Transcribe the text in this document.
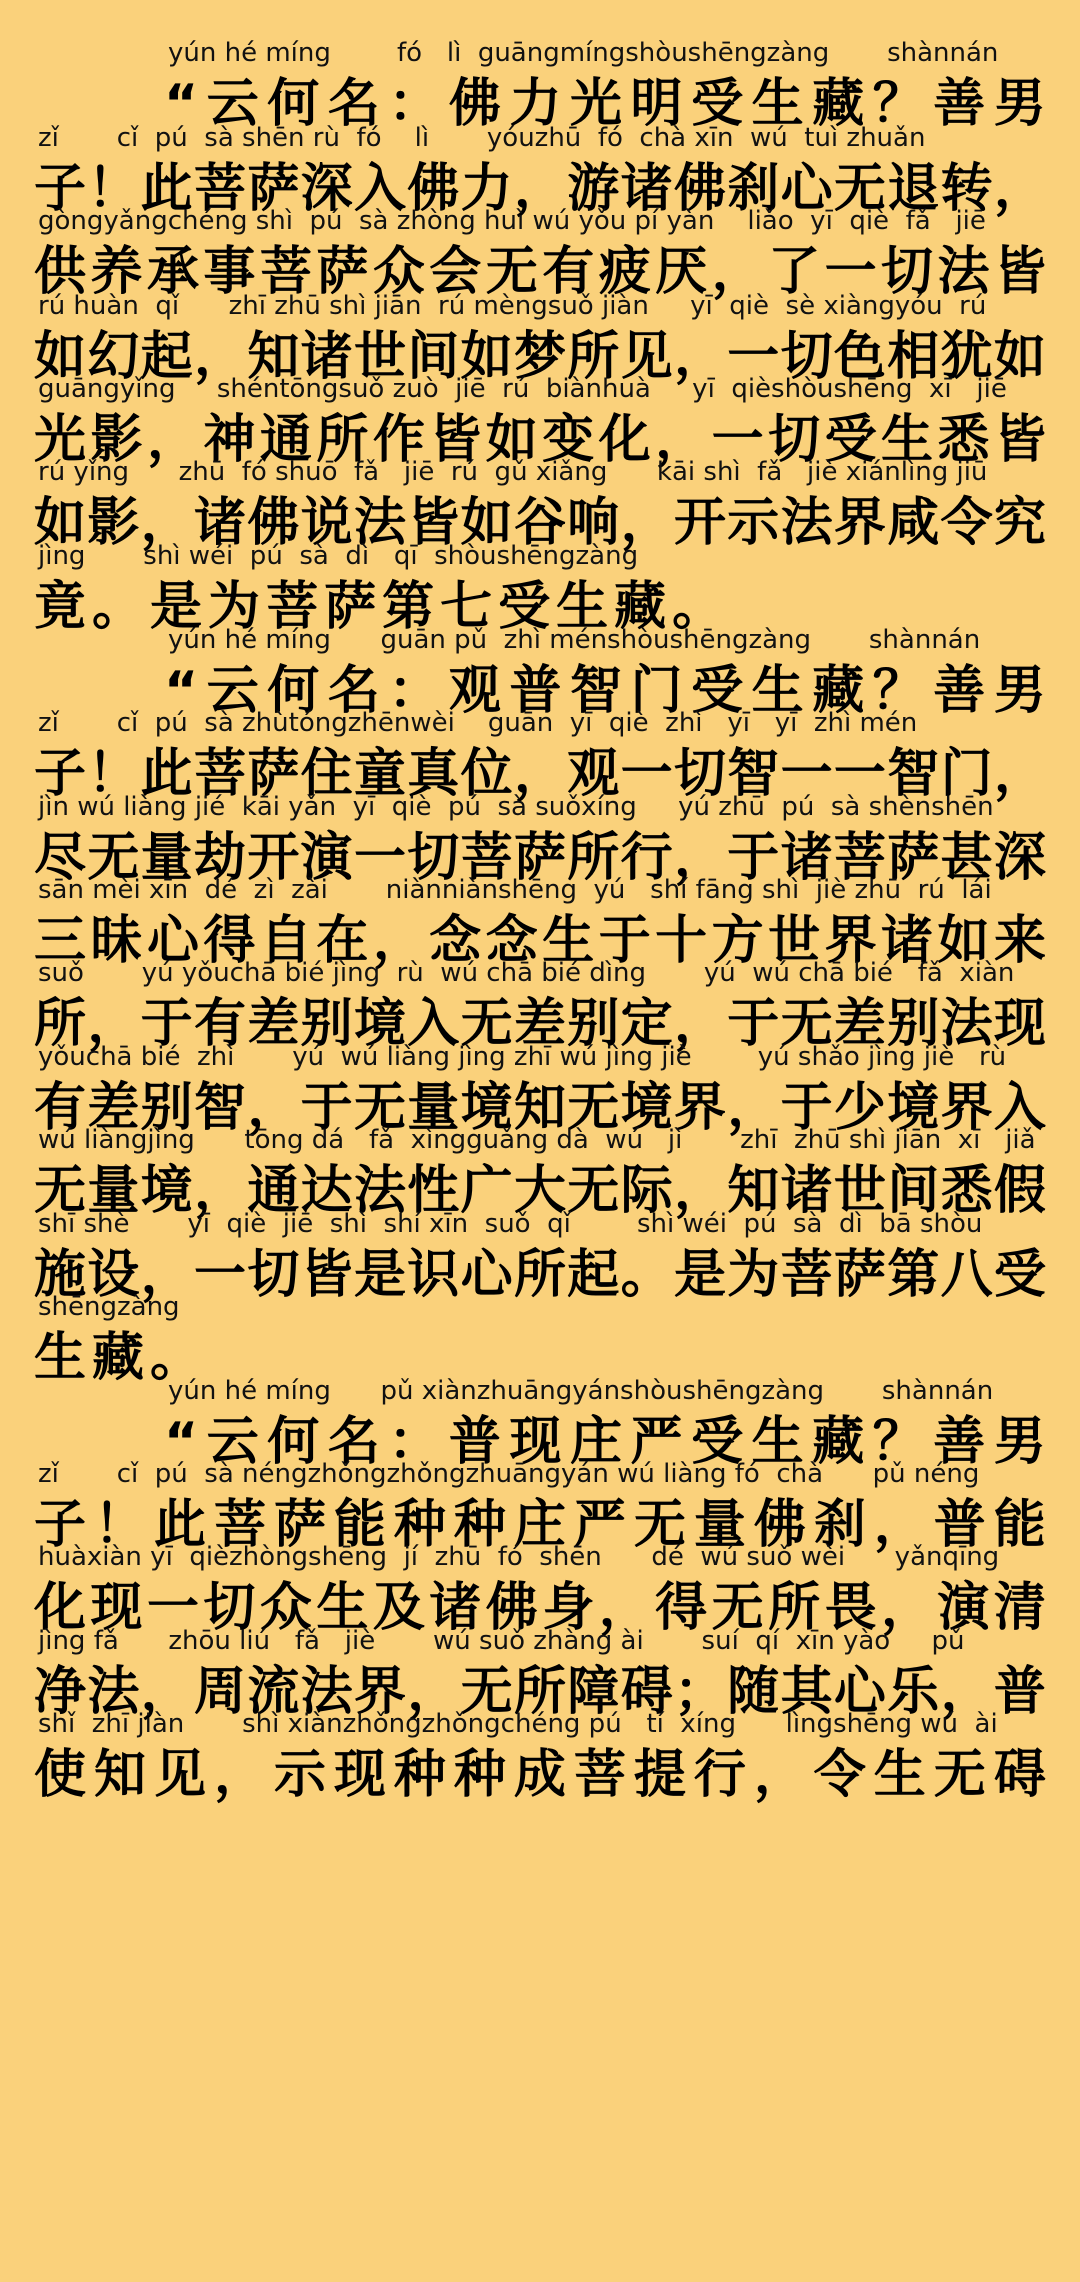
yún hé míng        fó   lì  guāngmíngshòushēngzàng       shànnán
“ 云 何 名 ： 佛 力 光 明 受 生 藏 ？ 善 男
zǐ       cǐ  pú  sà shēn rù  fó    lì       yóuzhū  fó  chà xīn  wú  tuì zhuǎn
子 ！ 此 菩 萨 深 入 佛 力 ， 游 诸 佛 刹 心 无 退 转 ，
gòngyǎngchéng shì  pú  sà zhòng huì wú yǒu pí yàn    liǎo  yī  qiè  fǎ   jiē
供 养 承 事 菩 萨 众 会 无 有 疲 厌 ， 了 一 切 法 皆
rú huàn  qǐ      zhī zhū shì jiān  rú mèngsuǒ jiàn     yī  qiè  sè xiàngyóu  rú
如 幻 起 ， 知 诸 世 间 如 梦 所 见 ， 一 切 色 相 犹 如
guāngyǐng     shéntōngsuǒ zuò  jiē  rú  biànhuà     yī  qièshòushēng  xī   jiē
光 影 ， 神 通 所 作 皆 如 变 化 ， 一 切 受 生 悉 皆
rú yǐng      zhū  fó shuō  fǎ   jiē  rú  gǔ xiǎng      kāi shì  fǎ   jiè xiánlìng jiū
如 影 ， 诸 佛 说 法 皆 如 谷 响 ， 开 示 法 界 咸 令 究
jìng       shì wéi  pú  sà  dì   qī  shòushēngzàng
竟 。 是 为 菩 萨 第 七 受 生 藏 。
yún hé míng      guān pǔ  zhì ménshòushēngzàng       shànnán
“ 云 何 名 ： 观 普 智 门 受 生 藏 ？ 善 男
zǐ       cǐ  pú  sà zhùtóngzhēnwèi    guān  yī  qiè  zhì   yī   yī  zhì mén
子 ！ 此 菩 萨 住 童 真 位 ， 观 一 切 智 一 一 智 门 ，
jìn wú liàng jié  kāi yǎn  yī  qiè  pú  sà suǒxíng     yú zhū  pú  sà shènshēn
尽 无 量 劫 开 演 一 切 菩 萨 所 行 ， 于 诸 菩 萨 甚 深
sān mèi xīn  dé  zì  zài       niànniànshēng  yú   shí fāng shì  jiè zhū  rú  lái
三 昧 心 得 自 在 ， 念 念 生 于 十 方 世 界 诸 如 来
suǒ       yú yǒuchā bié jìng  rù  wú chā bié dìng       yú  wú chā bié   fǎ  xiàn
所 ， 于 有 差 别 境 入 无 差 别 定 ， 于 无 差 别 法 现
yǒuchā bié  zhì       yú  wú liàng jìng zhī wú jìng jiè        yú shǎo jìng jiè   rù
有 差 别 智 ， 于 无 量 境 知 无 境 界 ， 于 少 境 界 入
wú liàngjìng      tōng dá   fǎ  xìngguǎng dà  wú   jì       zhī  zhū shì jiān  xī   jiǎ
无 量 境 ， 通 达 法 性 广 大 无 际 ， 知 诸 世 间 悉 假
shī shè       yī  qiè  jiē  shì  shí xīn  suǒ  qǐ        shì wéi  pú  sà  dì  bā shòu
施 设 ， 一 切 皆 是 识 心 所 起 。 是 为 菩 萨 第 八 受
shēngzàng
生 藏 。
yún hé míng      pǔ xiànzhuāngyánshòushēngzàng       shànnán
“ 云 何 名 ： 普 现 庄 严 受 生 藏 ？ 善 男
zǐ       cǐ  pú  sà néngzhǒngzhǒngzhuāngyán wú liàng fó  chà      pǔ néng
子 ！ 此 菩 萨 能 种 种 庄 严 无 量 佛 刹 ， 普 能
huàxiàn yī  qièzhòngshēng  jí  zhū  fó  shēn      dé  wú suǒ wèi      yǎnqīng
化 现 一 切 众 生 及 诸 佛 身 ， 得 无 所 畏 ， 演 清
jìng fǎ      zhōu liú   fǎ   jiè       wú suǒ zhàng ài       suí  qí  xīn yào     pǔ
净 法 ， 周 流 法 界 ， 无 所 障 碍 ； 随 其 心 乐 ， 普
shǐ  zhī jiàn       shì xiànzhǒngzhǒngchéng pú   tí  xíng      lìngshēng wú  ài
使 知 见 ， 示 现 种 种 成 菩 提 行 ， 令 生 无 碍
